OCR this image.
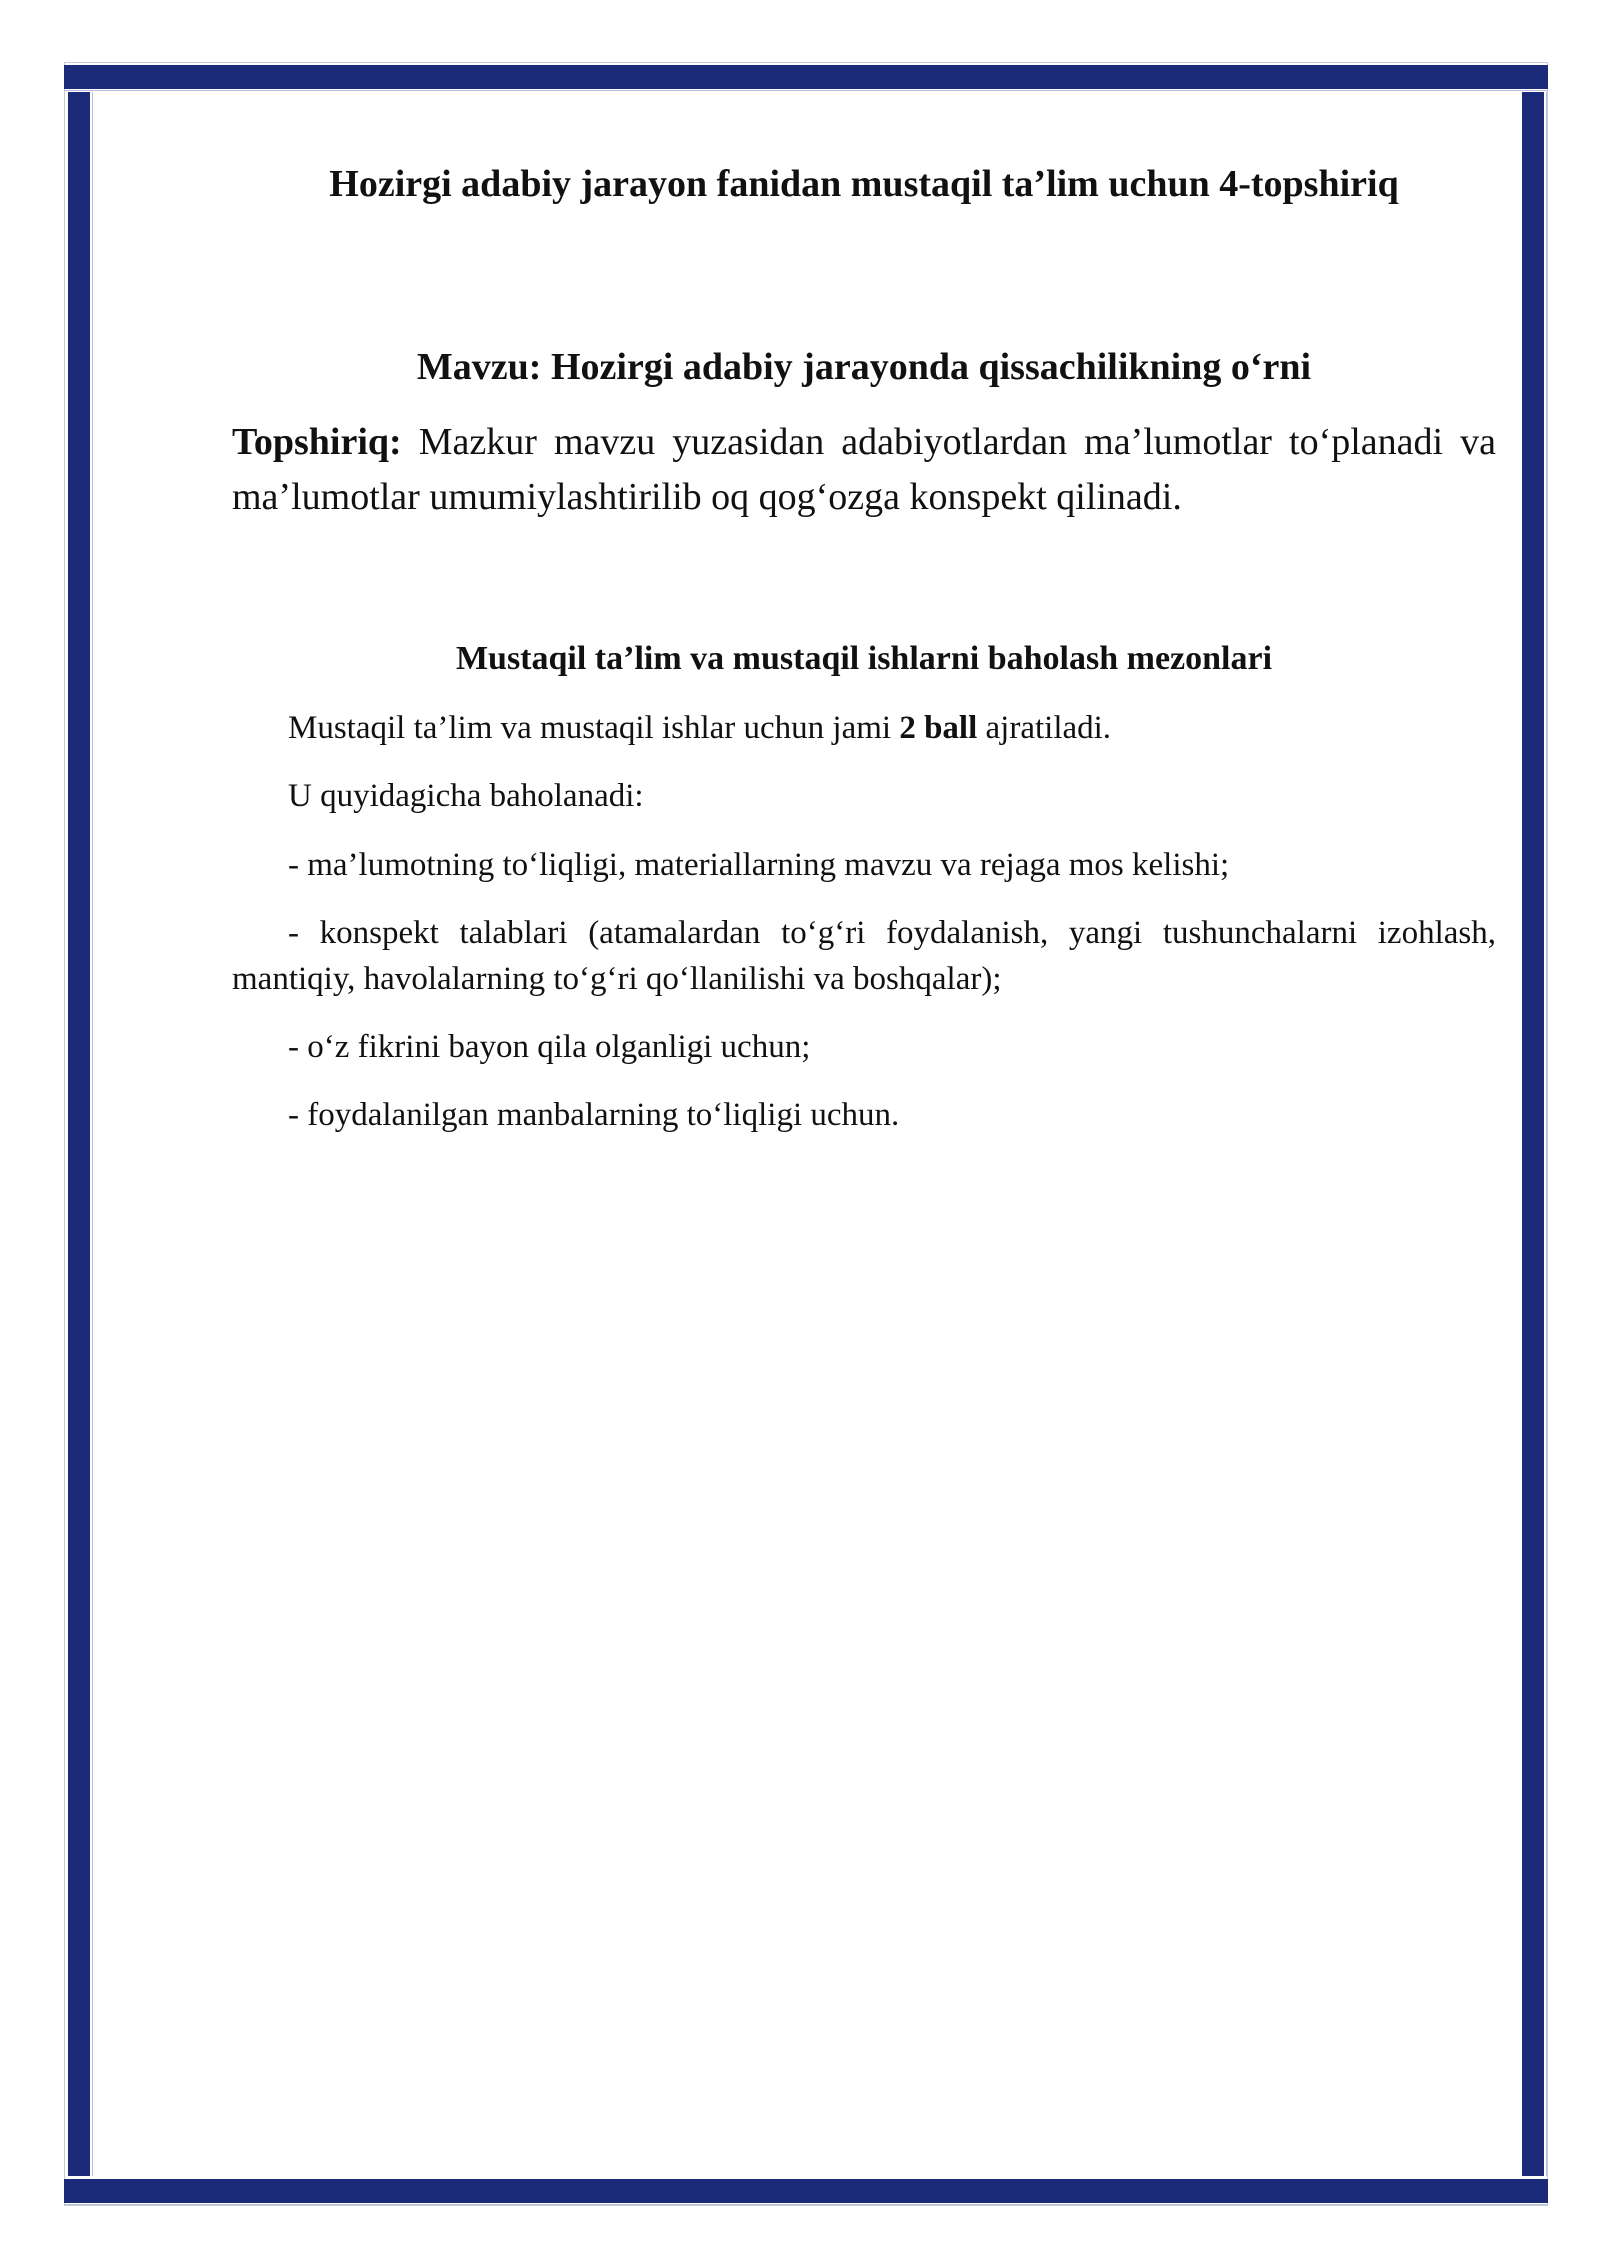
Hozirgi adabiy jarayon fanidan mustaqil ta’lim uchun 4-topshiriq
Mavzu: Hozirgi adabiy jarayonda qissachilikning o‘rni

Topshiriq: Mazkur mavzu yuzasidan adabiyotlardan ma’lumotlar to‘planadi va ma’lumotlar umumiylashtirilib oq qog‘ozga konspekt qilinadi.

Mustaqil ta’lim va mustaqil ishlarni baholash mezonlari

Mustaqil ta’lim va mustaqil ishlar uchun jami 2 ball ajratiladi.

U quyidagicha baholanadi:

- ma’lumotning to‘liqligi, materiallarning mavzu va rejaga mos kelishi;

- konspekt talablari (atamalardan to‘g‘ri foydalanish, yangi tushunchalarni izohlash, mantiqiy, havolalarning to‘g‘ri qo‘llanilishi va boshqalar);

- o‘z fikrini bayon qila olganligi uchun;

- foydalanilgan manbalarning to‘liqligi uchun.
